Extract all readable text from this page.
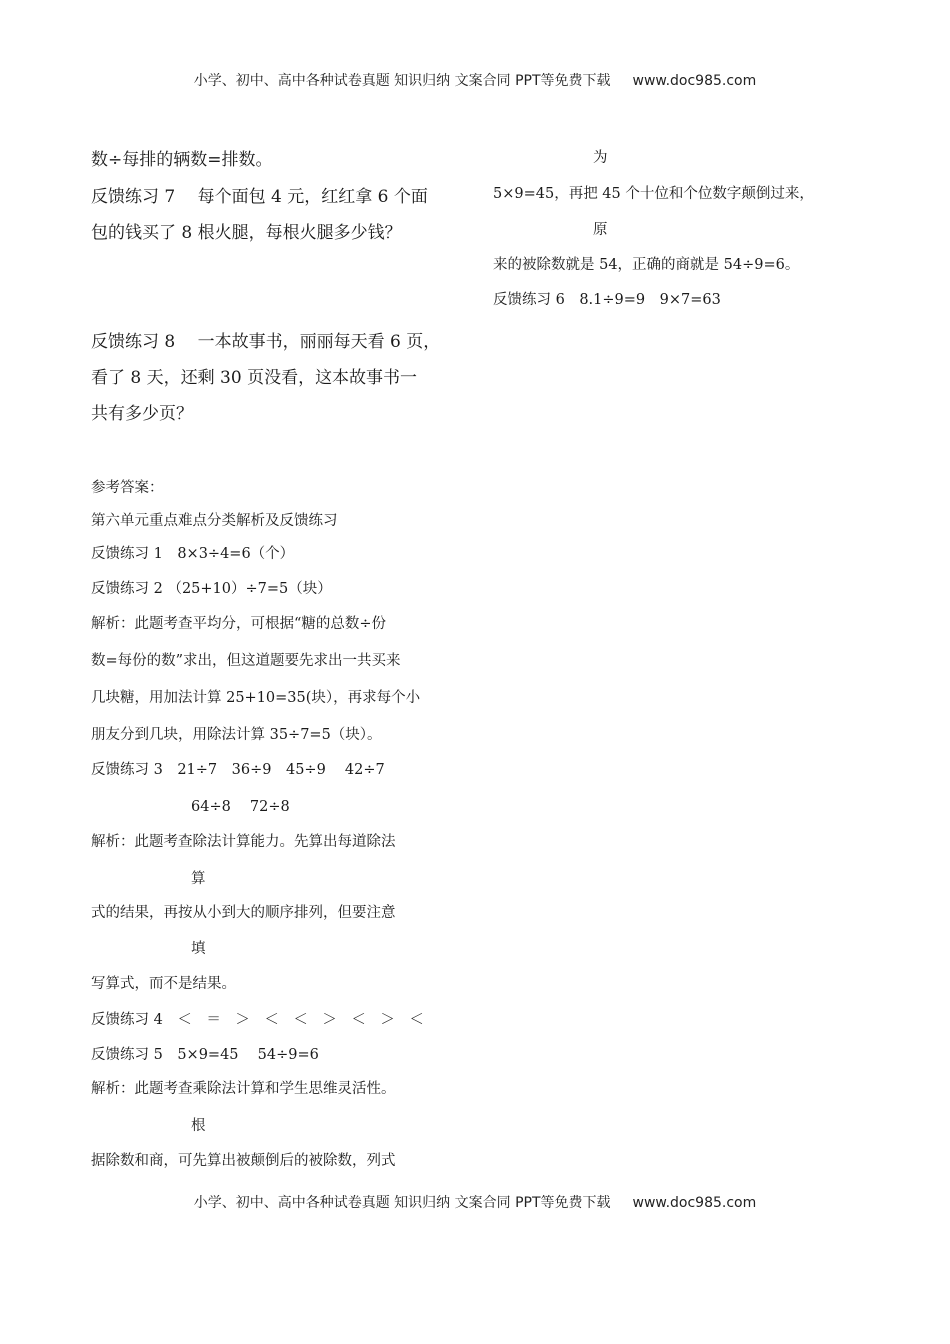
小学、初中、高中各种试卷真题 知识归纳 文案合同 PPT等免费下载 www.doc985.com
数÷每排的辆数=排数。
反馈练习 7　 每个面包 4 元，红红拿 6 个面
包的钱买了 8 根火腿，每根火腿多少钱？
反馈练习 8　 一本故事书，丽丽每天看 6 页，
看了 8 天，还剩 30 页没看，这本故事书一
共有多少页？
参考答案：
第六单元重点难点分类解析及反馈练习
反馈练习 1　8×3÷4=6（个）
反馈练习 2 （25+10）÷7=5（块）
解析：此题考查平均分，可根据“糖的总数÷份
数=每份的数”求出，但这道题要先求出一共买来
几块糖，用加法计算 25+10=35(块），再求每个小
朋友分到几块，用除法计算 35÷7=5（块）。
反馈练习 3　21÷7　36÷9　45÷9　 42÷7
64÷8　 72÷8
解析：此题考查除法计算能力。先算出每道除法
算
式的结果，再按从小到大的顺序排列，但要注意
填
写算式，而不是结果。
反馈练习 4　＜　＝　＞　＜　＜　＞　＜　＞　＜
反馈练习 5　5×9=45　 54÷9=6
解析：此题考查乘除法计算和学生思维灵活性。
根
据除数和商，可先算出被颠倒后的被除数，列式
为
5×9=45，再把 45 个十位和个位数字颠倒过来，
原
来的被除数就是 54，正确的商就是 54÷9=6。
反馈练习 6　8.1÷9=9　9×7=63
小学、初中、高中各种试卷真题 知识归纳 文案合同 PPT等免费下载 www.doc985.com
